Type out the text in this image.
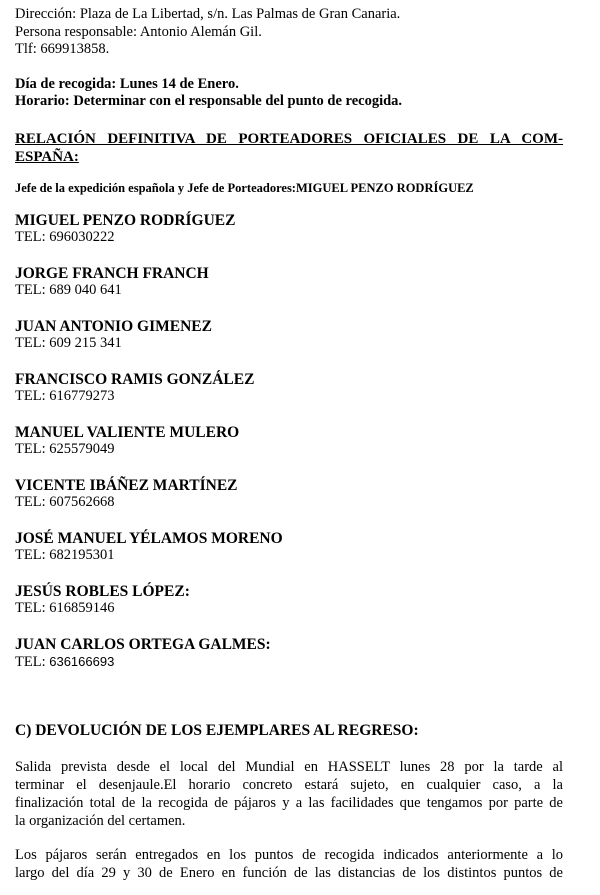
Dirección: Plaza de La Libertad, s/n. Las Palmas de Gran Canaria.
Persona responsable: Antonio Alemán Gil.
Tlf: 669913858.
Día de recogida: Lunes 14 de Enero.
Horario: Determinar con el responsable del punto de recogida.
RELACIÓN DEFINITIVA DE PORTEADORES OFICIALES DE LA COM-
ESPAÑA:
Jefe de la expedición española y Jefe de Porteadores:MIGUEL PENZO RODRÍGUEZ
MIGUEL PENZO RODRÍGUEZ
TEL: 696030222
JORGE FRANCH FRANCH
TEL: 689 040 641
JUAN ANTONIO GIMENEZ
TEL: 609 215 341
FRANCISCO RAMIS GONZÁLEZ
TEL: 616779273
MANUEL VALIENTE MULERO
TEL: 625579049
VICENTE IBÁÑEZ MARTÍNEZ
TEL: 607562668
JOSÉ MANUEL YÉLAMOS MORENO
TEL: 682195301
JESÚS ROBLES LÓPEZ:
TEL: 616859146
JUAN CARLOS ORTEGA GALMES:
TEL: 636166693
C) DEVOLUCIÓN DE LOS EJEMPLARES AL REGRESO:
Salida prevista desde el local del Mundial en HASSELT lunes 28 por la tarde al
terminar el desenjaule.El horario concreto estará sujeto, en cualquier caso, a la
finalización total de la recogida de pájaros y a las facilidades que tengamos por parte de
la organización del certamen.
Los pájaros serán entregados en los puntos de recogida indicados anteriormente a lo
largo del día 29 y 30 de Enero en función de las distancias de los distintos puntos de
